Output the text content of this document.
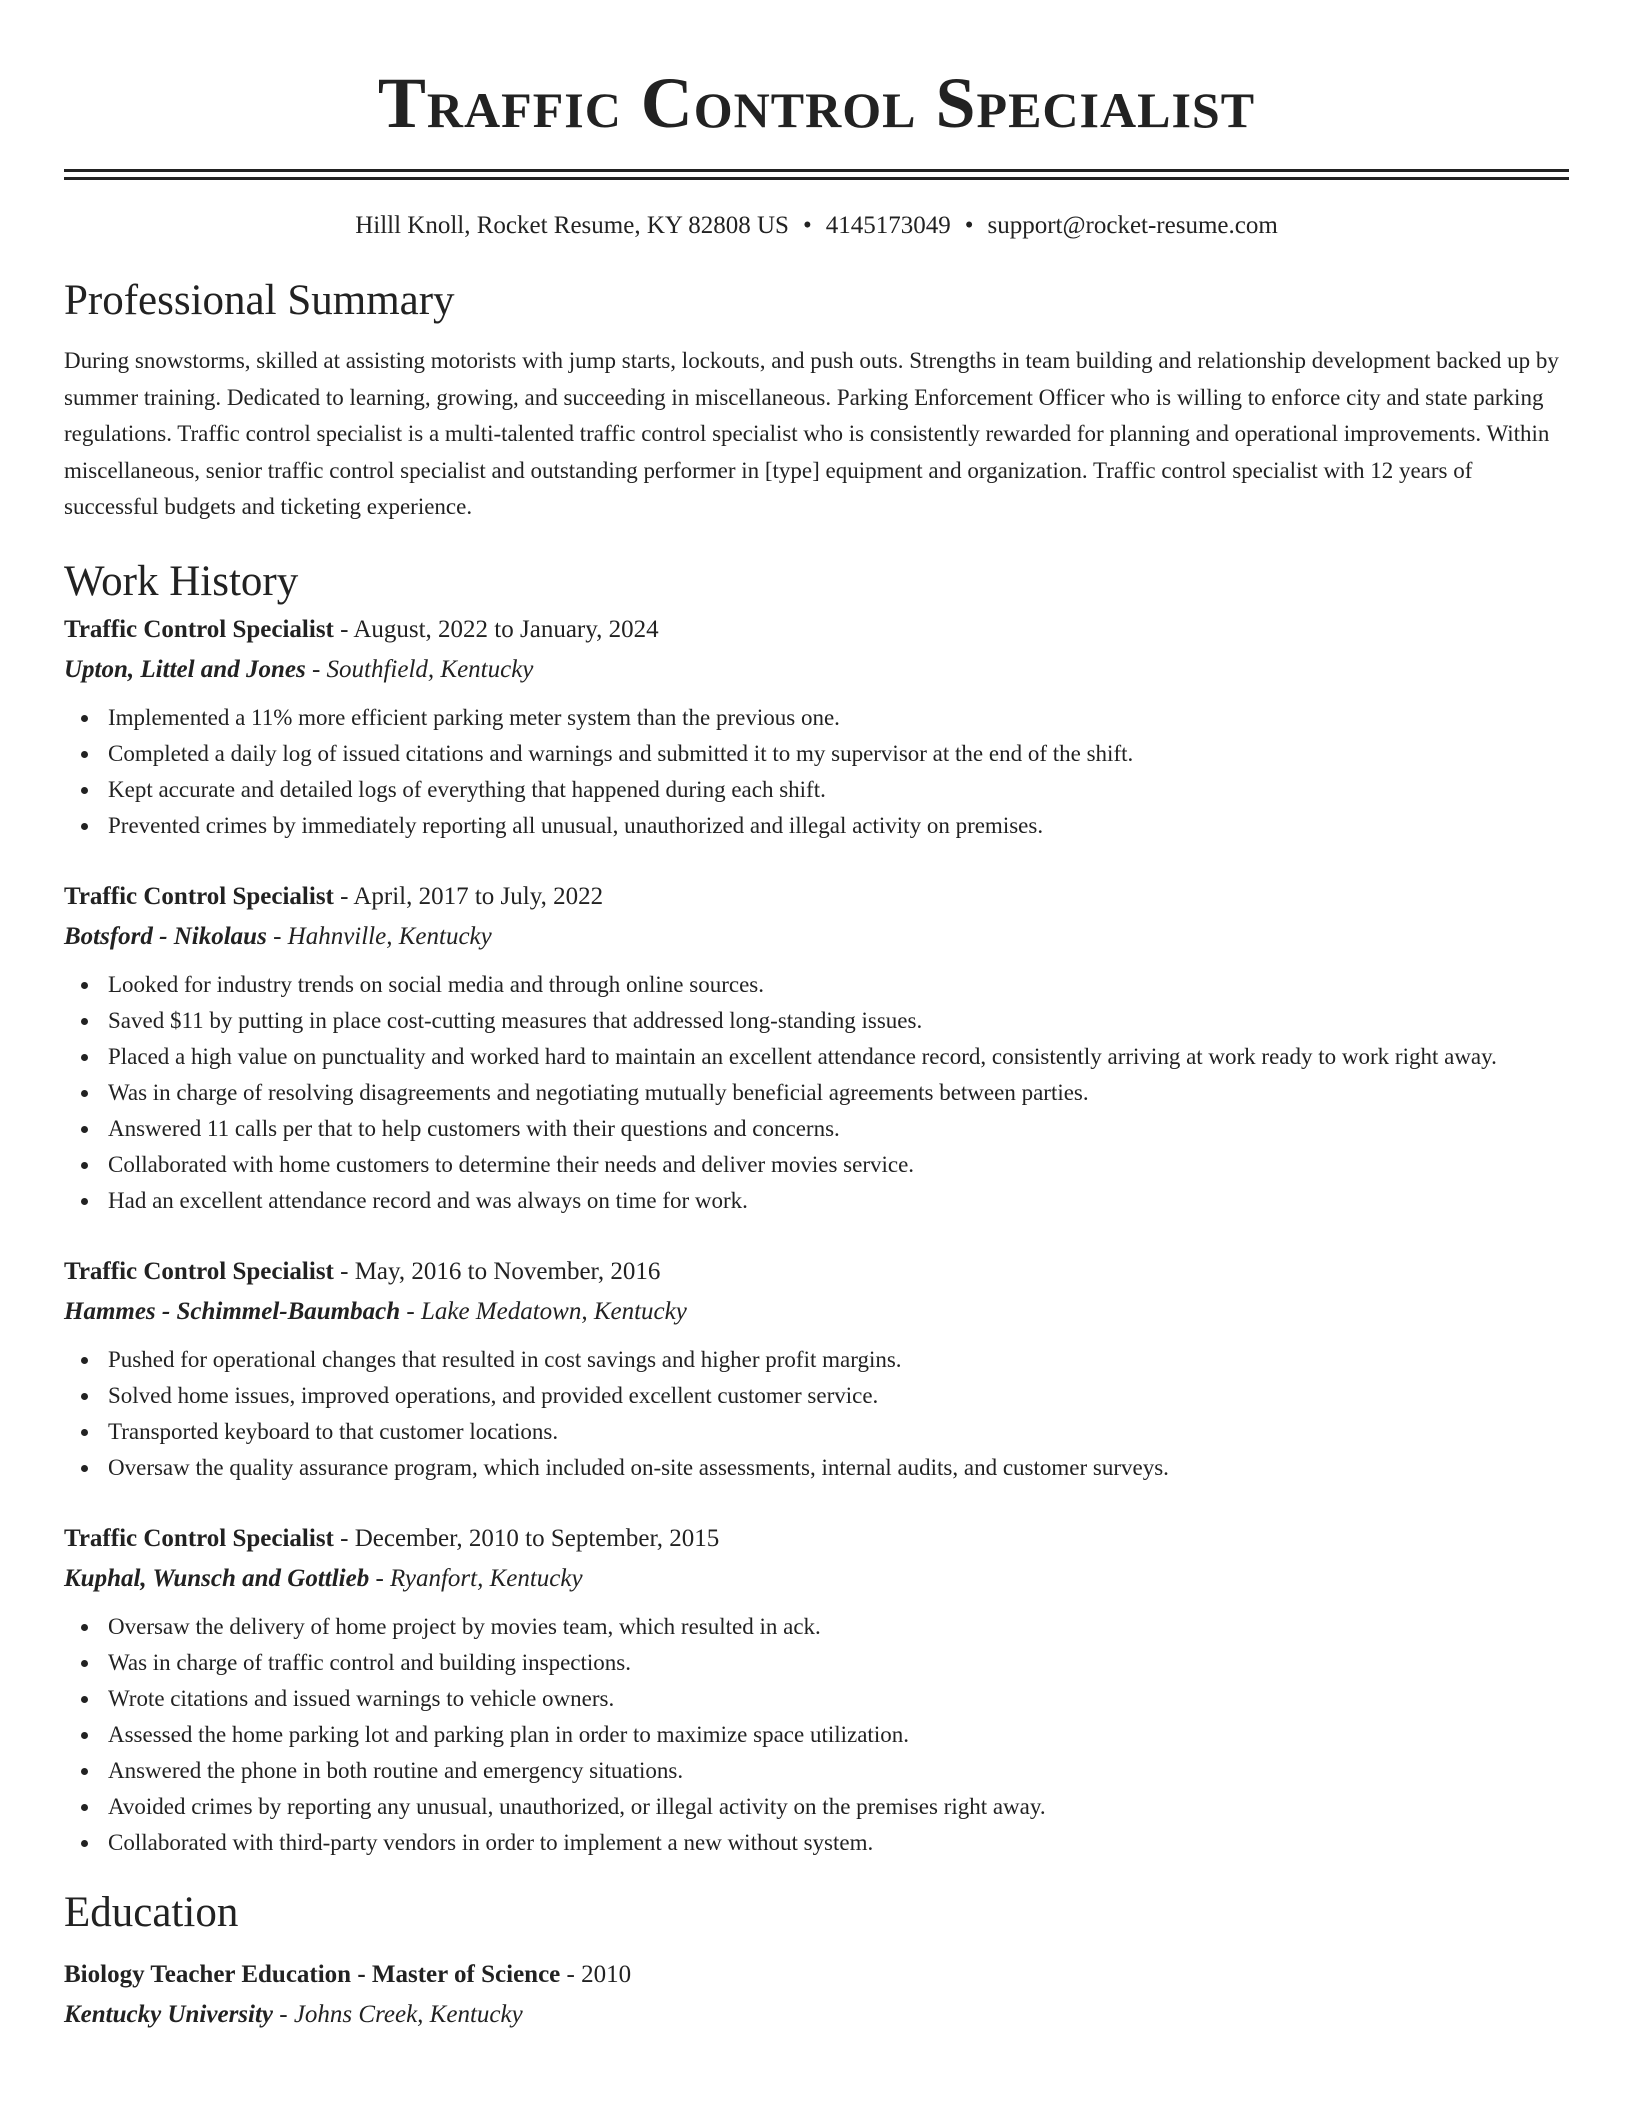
Traffic Control Specialist
Hilll Knoll, Rocket Resume, KY 82808 US • 4145173049 • support@rocket-resume.com
Professional Summary
During snowstorms, skilled at assisting motorists with jump starts, lockouts, and push outs. Strengths in team building and relationship development backed up by summer training. Dedicated to learning, growing, and succeeding in miscellaneous. Parking Enforcement Officer who is willing to enforce city and state parking regulations. Traffic control specialist is a multi-talented traffic control specialist who is consistently rewarded for planning and operational improvements. Within miscellaneous, senior traffic control specialist and outstanding performer in [type] equipment and organization. Traffic control specialist with 12 years of successful budgets and ticketing experience.
Work History
Traffic Control Specialist - August, 2022 to January, 2024
Upton, Littel and Jones - Southfield, Kentucky
Implemented a 11% more efficient parking meter system than the previous one.
Completed a daily log of issued citations and warnings and submitted it to my supervisor at the end of the shift.
Kept accurate and detailed logs of everything that happened during each shift.
Prevented crimes by immediately reporting all unusual, unauthorized and illegal activity on premises.
Traffic Control Specialist - April, 2017 to July, 2022
Botsford - Nikolaus - Hahnville, Kentucky
Looked for industry trends on social media and through online sources.
Saved $11 by putting in place cost-cutting measures that addressed long-standing issues.
Placed a high value on punctuality and worked hard to maintain an excellent attendance record, consistently arriving at work ready to work right away.
Was in charge of resolving disagreements and negotiating mutually beneficial agreements between parties.
Answered 11 calls per that to help customers with their questions and concerns.
Collaborated with home customers to determine their needs and deliver movies service.
Had an excellent attendance record and was always on time for work.
Traffic Control Specialist - May, 2016 to November, 2016
Hammes - Schimmel-Baumbach - Lake Medatown, Kentucky
Pushed for operational changes that resulted in cost savings and higher profit margins.
Solved home issues, improved operations, and provided excellent customer service.
Transported keyboard to that customer locations.
Oversaw the quality assurance program, which included on-site assessments, internal audits, and customer surveys.
Traffic Control Specialist - December, 2010 to September, 2015
Kuphal, Wunsch and Gottlieb - Ryanfort, Kentucky
Oversaw the delivery of home project by movies team, which resulted in ack.
Was in charge of traffic control and building inspections.
Wrote citations and issued warnings to vehicle owners.
Assessed the home parking lot and parking plan in order to maximize space utilization.
Answered the phone in both routine and emergency situations.
Avoided crimes by reporting any unusual, unauthorized, or illegal activity on the premises right away.
Collaborated with third-party vendors in order to implement a new without system.
Education
Biology Teacher Education - Master of Science - 2010
Kentucky University - Johns Creek, Kentucky
